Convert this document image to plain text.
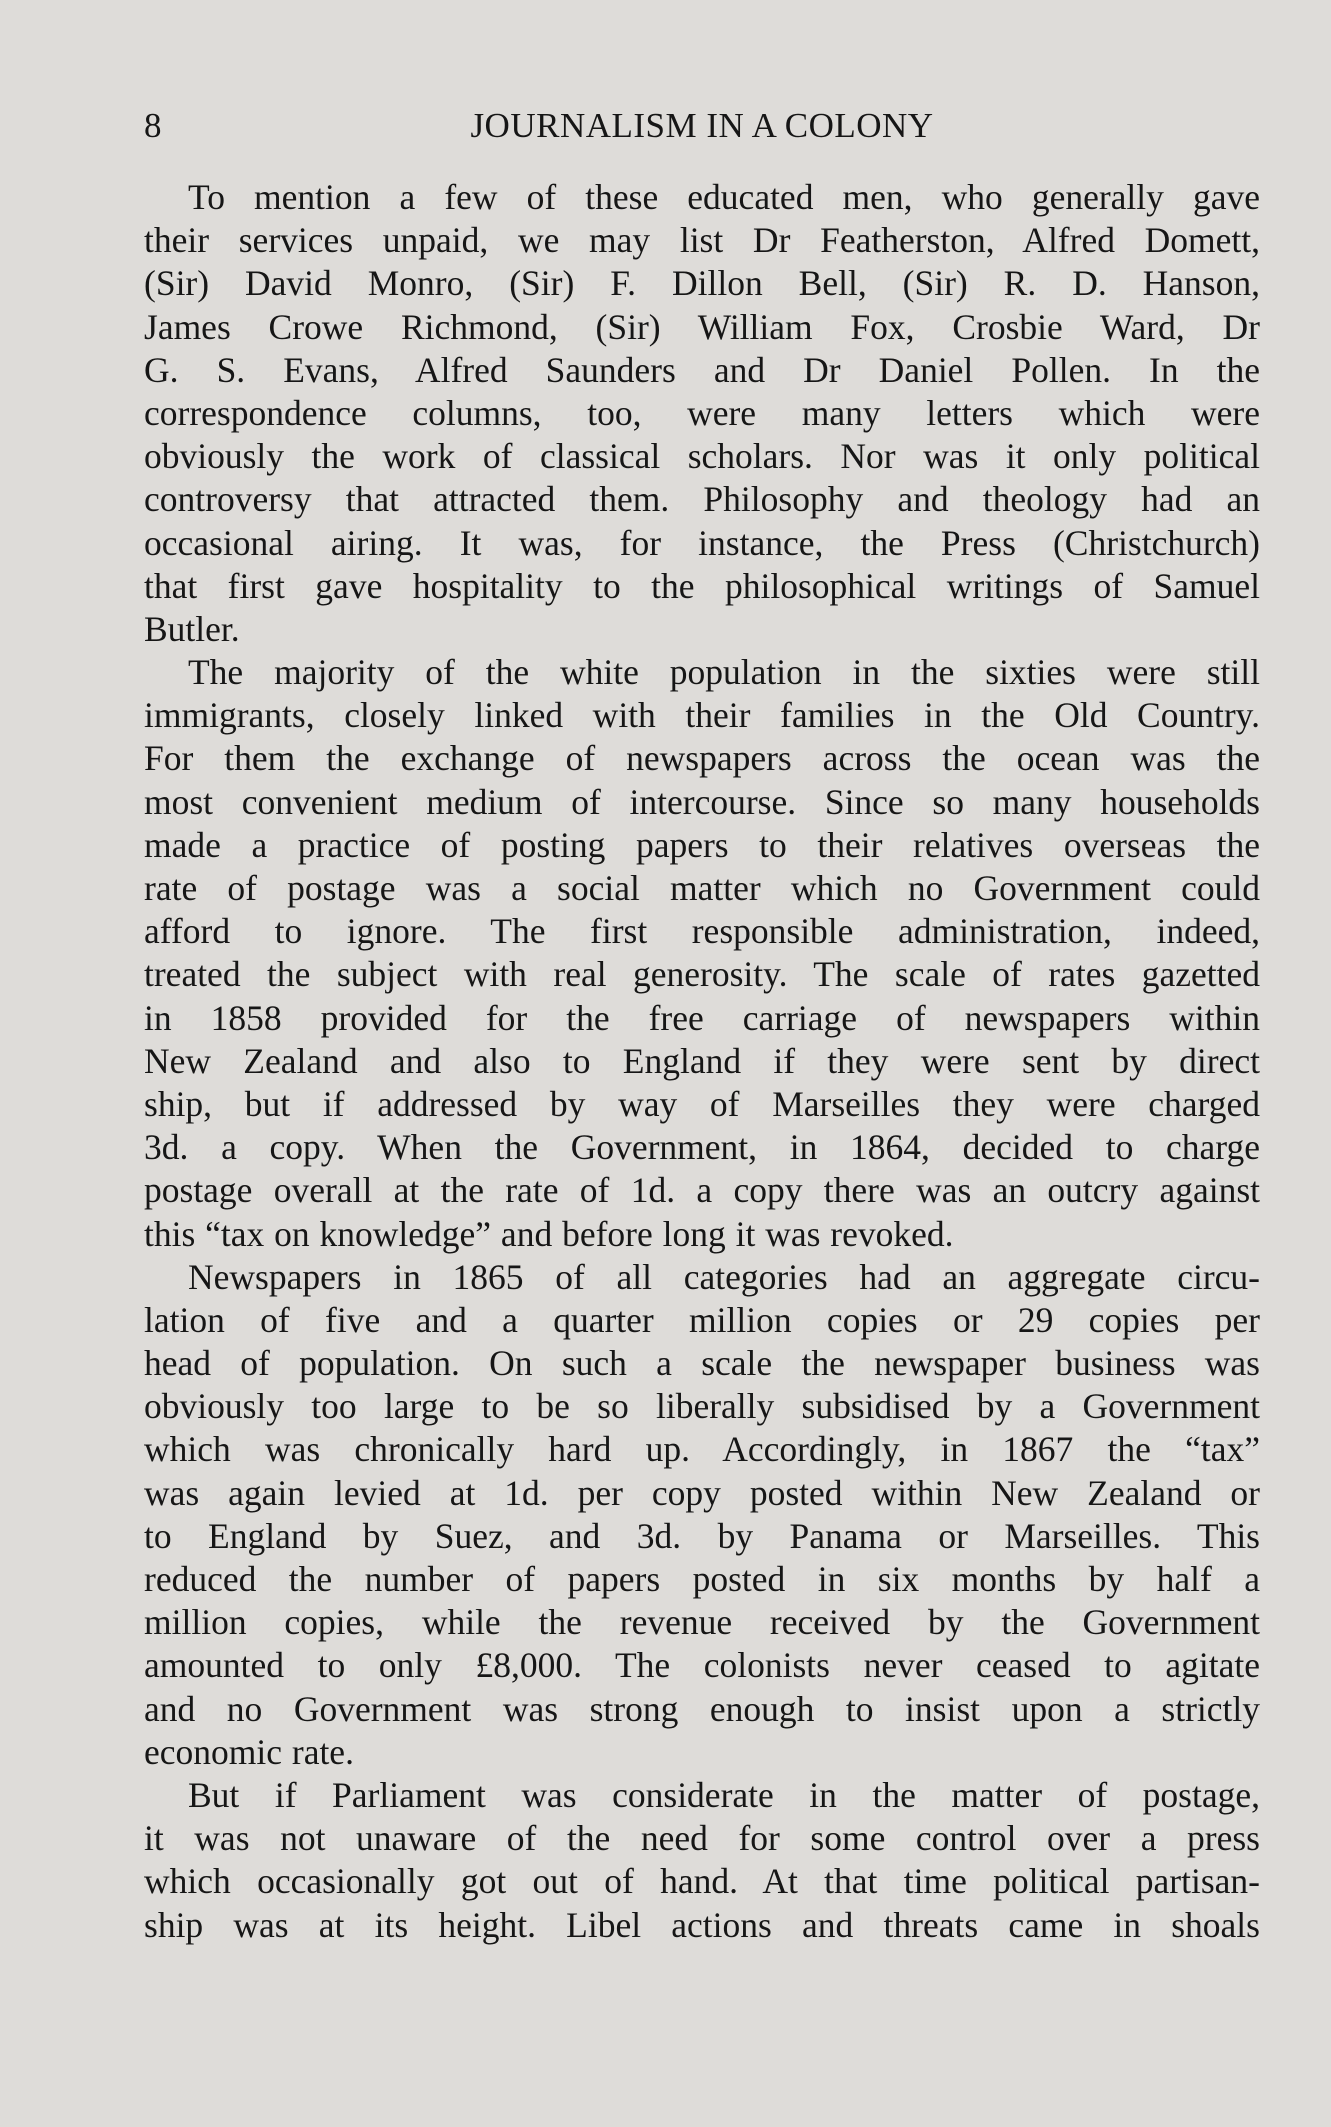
8	JOURNALISM IN A COLONY
To mention a few of these educated men, who generally gave
their services unpaid, we may list Dr Featherston, Alfred Domett,
(Sir) David Monro, (Sir) F. Dillon Bell, (Sir) R. D. Hanson,
James Crowe Richmond, (Sir) William Fox, Crosbie Ward, Dr
G. S. Evans, Alfred Saunders and Dr Daniel Pollen. In the
correspondence columns, too, were many letters which were
obviously the work of classical scholars. Nor was it only political
controversy that attracted them. Philosophy and theology had an
occasional airing. It was, for instance, the Press (Christchurch)
that first gave hospitality to the philosophical writings of Samuel
Butler.
The majority of the white population in the sixties were still
immigrants, closely linked with their families in the Old Country.
For them the exchange of newspapers across the ocean was the
most convenient medium of intercourse. Since so many households
made a practice of posting papers to their relatives overseas the
rate of postage was a social matter which no Government could
afford to ignore. The first responsible administration, indeed,
treated the subject with real generosity. The scale of rates gazetted
in 1858 provided for the free carriage of newspapers within
New Zealand and also to England if they were sent by direct
ship, but if addressed by way of Marseilles they were charged
3d. a copy. When the Government, in 1864, decided to charge
postage overall at the rate of 1d. a copy there was an outcry against
this “tax on knowledge” and before long it was revoked.
Newspapers in 1865 of all categories had an aggregate circu-
lation of five and a quarter million copies or 29 copies per
head of population. On such a scale the newspaper business was
obviously too large to be so liberally subsidised by a Government
which was chronically hard up. Accordingly, in 1867 the “tax”
was again levied at 1d. per copy posted within New Zealand or
to England by Suez, and 3d. by Panama or Marseilles. This
reduced the number of papers posted in six months by half a
million copies, while the revenue received by the Government
amounted to only £8,000. The colonists never ceased to agitate
and no Government was strong enough to insist upon a strictly
economic rate.
But if Parliament was considerate in the matter of postage,
it was not unaware of the need for some control over a press
which occasionally got out of hand. At that time political partisan-
ship was at its height. Libel actions and threats came in shoals
